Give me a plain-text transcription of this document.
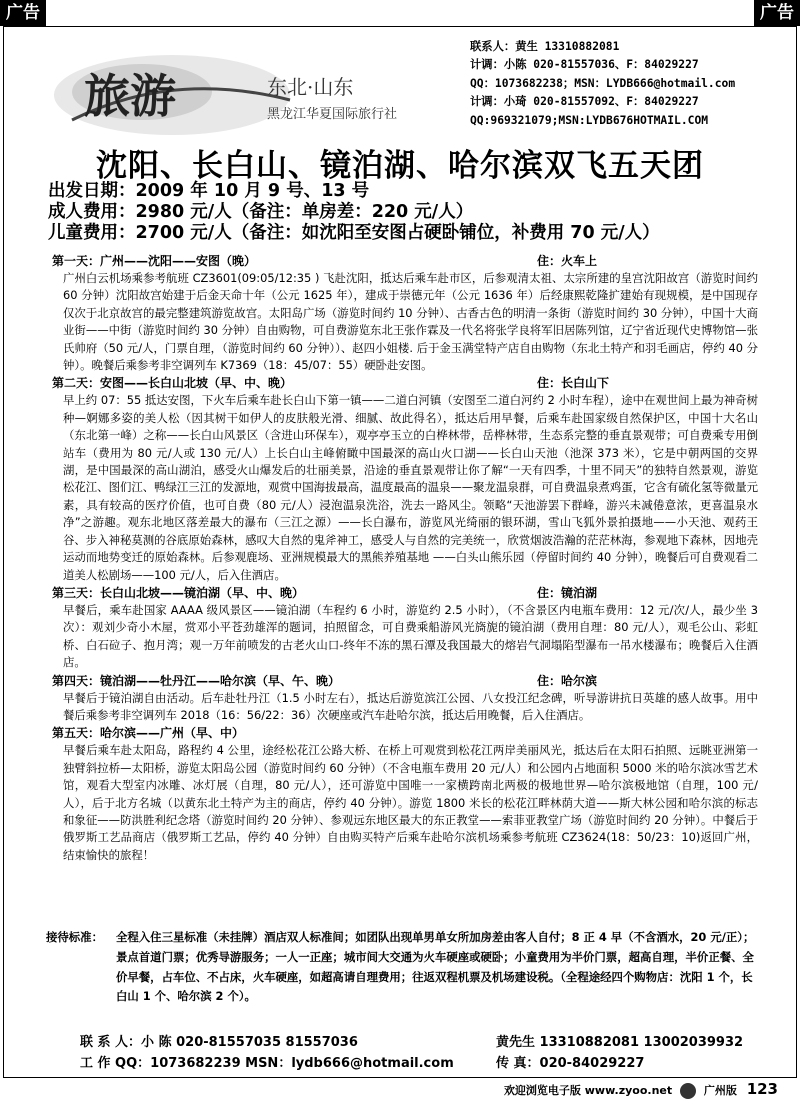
广告	广告
旅游	东北·山东
黑龙江华夏国际旅行社
联系人：黄生 13310882081
计调：小陈 020-81557036、F：84029227
QQ：1073682238；MSN：LYDB666@hotmail.com
计调：小琦 020-81557092、F：84029227
QQ:969321079;MSN:LYDB676HOTMAIL.COM
沈阳、长白山、镜泊湖、哈尔滨双飞五天团
出发日期：2009 年 10 月 9 号、13 号
成人费用：2980 元/人（备注：单房差：220 元/人）
儿童费用：2700 元/人（备注：如沈阳至安图占硬卧铺位，补费用 70 元/人）
第一天：广州——沈阳——安图（晚）	住：火车上
广州白云机场乘参考航班 CZ3601(09:05/12:35 ) 飞赴沈阳，抵达后乘车赴市区，后参观清太祖、太宗所建的皇宫沈阳故宫（游览时间约 60 分钟）沈阳故宫始建于后金天命十年（公元 1625 年），建成于崇德元年（公元 1636 年）后经康熙乾隆扩建始有现规模，是中国现存仅次于北京故宫的最完整建筑游览故宫。太阳岛广场（游览时间约 10 分钟）、古香古色的明清一条街（游览时间约 30 分钟），中国十大商业街——中街（游览时间约 30 分钟）自由购物，可自费游览东北王张作霖及一代名将张学良将军旧居陈列馆，辽宁省近现代史博物馆—张氏帅府（50 元/人，门票自理，（游览时间约 60 分钟））、赵四小姐楼. 后于金玉满堂特产店自由购物（东北土特产和羽毛画店，停约 40 分钟）。晚餐后乘参考非空调列车 K7369（18：45/07：55）硬卧赴安图。
第二天：安图——长白山北坡（早、中、晚）	住：长白山下
早上约 07：55 抵达安图，下火车后乘车赴长白山下第一镇——二道白河镇（安图至二道白河约 2 小时车程），途中在观世间上最为神奇树种—婀娜多姿的美人松（因其树干如伊人的皮肤般光滑、细腻、故此得名），抵达后用早餐，后乘车赴国家级自然保护区，中国十大名山（东北第一峰）之称——长白山风景区（含进山环保车），观亭亭玉立的白桦林带，岳桦林带，生态系完整的垂直景观带；可自费乘专用倒站车（费用为 80 元/人或 130 元/人）上长白山主峰俯瞰中国最深的高山火口湖——长白山天池（池深 373 米），它是中朝两国的交界湖，是中国最深的高山湖泊，感受火山爆发后的壮丽美景，沿途的垂直景观带让你了解“一天有四季，十里不同天”的独特自然景观，游览松花江、图们江、鸭绿江三江的发源地，观赏中国海拔最高，温度最高的温泉——聚龙温泉群，可自费温泉煮鸡蛋，它含有硫化氢等微量元素，具有较高的医疗价值，也可自费（80 元/人）浸泡温泉洗浴，洗去一路风尘。领略“天池游罢下群峰，游兴未减倦意浓，更喜温泉水净”之游趣。观东北地区落差最大的瀑布（三江之源）——长白瀑布，游览风光绮丽的银环湖，雪山飞狐外景拍摄地——小天池、观药王谷、步入神秘莫测的谷底原始森林，感叹大自然的鬼斧神工，感受人与自然的完美统一，欣赏烟波浩瀚的茫茫林海，参观地下森林，因地壳运动而地势变迁的原始森林。后参观鹿场、亚洲规模最大的黑熊养殖基地 ——白头山熊乐园（停留时间约 40 分钟），晚餐后可自费观看二道美人松剧场——100 元/人，后入住酒店。
第三天：长白山北坡——镜泊湖（早、中、晚）	住：镜泊湖
早餐后，乘车赴国家 AAAA 级风景区——镜泊湖（车程约 6 小时，游览约 2.5 小时），（不含景区内电瓶车费用：12 元/次/人，最少坐 3 次）：观刘少奇小木屋，赏邓小平苍劲雄浑的题词，拍照留念，可自费乘船游风光旖旎的镜泊湖（费用自理：80 元/人），观毛公山、彩虹桥、白石砬子、抱月湾；观一万年前喷发的古老火山口-终年不冻的黑石潭及我国最大的熔岩气洞塌陷型瀑布一吊水楼瀑布；晚餐后入住酒店。
第四天：镜泊湖——牡丹江——哈尔滨（早、午、晚）	住：哈尔滨
早餐后于镜泊湖自由活动。后车赴牡丹江（1.5 小时左右），抵达后游览滨江公园、八女投江纪念碑，听导游讲抗日英雄的感人故事。用中餐后乘参考非空调列车 2018（16：56/22：36）次硬座或汽车赴哈尔滨，抵达后用晚餐，后入住酒店。
第五天：哈尔滨——广州（早、中）
早餐后乘车赴太阳岛，路程约 4 公里，途经松花江公路大桥、在桥上可观赏到松花江两岸美丽风光，抵达后在太阳石拍照、远眺亚洲第一独臂斜拉桥—太阳桥，游览太阳岛公园（游览时间约 60 分钟）（不含电瓶车费用 20 元/人）和公园内占地面积 5000 米的哈尔滨冰雪艺术馆，观看大型室内冰雕、冰灯展（自理，80 元/人），还可游览中国唯一一家横跨南北两极的极地世界—哈尔滨极地馆（自理，100 元/人），后于北方名城（以黄东北土特产为主的商店，停约 40 分钟）。游览 1800 米长的松花江畔林荫大道——斯大林公园和哈尔滨的标志和象征——防洪胜利纪念塔（游览时间约 20 分钟）、参观远东地区最大的东正教堂——索菲亚教堂广场（游览时间约 20 分钟）。中餐后于俄罗斯工艺品商店（俄罗斯工艺品，停约 40 分钟）自由购买特产后乘车赴哈尔滨机场乘参考航班 CZ3624(18：50/23：10)返回广州，结束愉快的旅程！
接待标准：	全程入住三星标准（未挂牌）酒店双人标准间；如团队出现单男单女所加房差由客人自付；8 正 4 早（不含酒水，20 元/正）；景点首道门票；优秀导游服务；一人一正座；城市间大交通为火车硬座或硬卧；小童费用为半价门票，超高自理，半价正餐、全价早餐，占车位、不占床，火车硬座，如超高请自理费用；往返双程机票及机场建设税。（全程途经四个购物店：沈阳 1 个，长白山 1 个、哈尔滨 2 个）。
联 系 人：小 陈 020-81557035 81557036	黄先生 13310882081 13002039932
工 作 QQ：1073682239 MSN：lydb666@hotmail.com	传 真：020-84029227
欢迎浏览电子版 www.zyoo.net	广州版 123
